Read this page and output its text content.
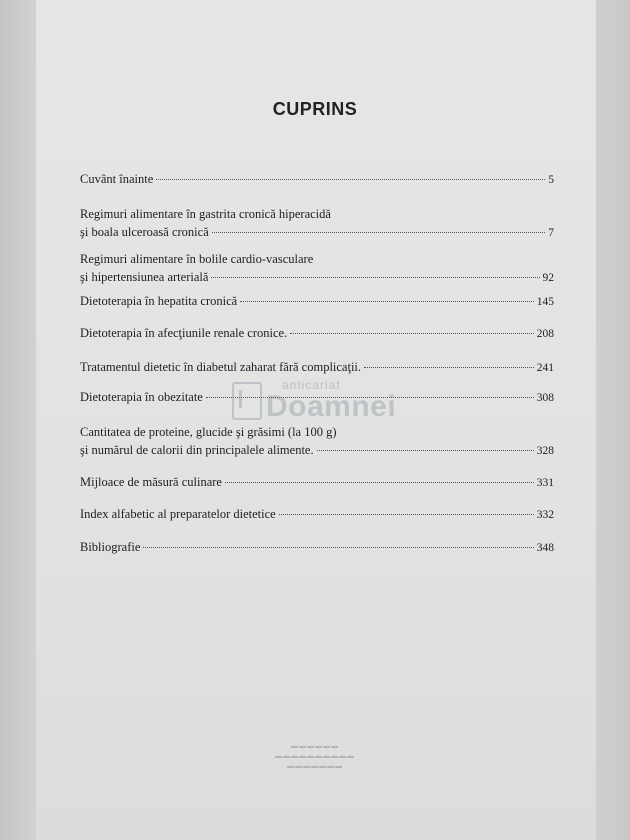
CUPRINS
Cuvânt înainte	5
Regimuri alimentare în gastrita cronică hiperacidă
şi boala ulceroasă cronică	7
Regimuri alimentare în bolile cardio-vasculare
şi hipertensiunea arterială	92
Dietoterapia în hepatita cronică	145
Dietoterapia în afecţiunile renale cronice.	208
Tratamentul dietetic în diabetul zaharat fără complicaţii.	241
Dietoterapia în obezitate	308
Cantitatea de proteine, glucide şi grăsimi (la 100 g)
şi numărul de calorii din principalele alimente.	328
Mijloace de măsură culinare	331
Index alfabetic al preparatelor dietetice	332
Bibliografie	348
anticariat
Doamnei
▬▬▬▬▬▬
▬▬▬▬▬▬▬▬▬▬
▬▬▬▬▬▬▬
